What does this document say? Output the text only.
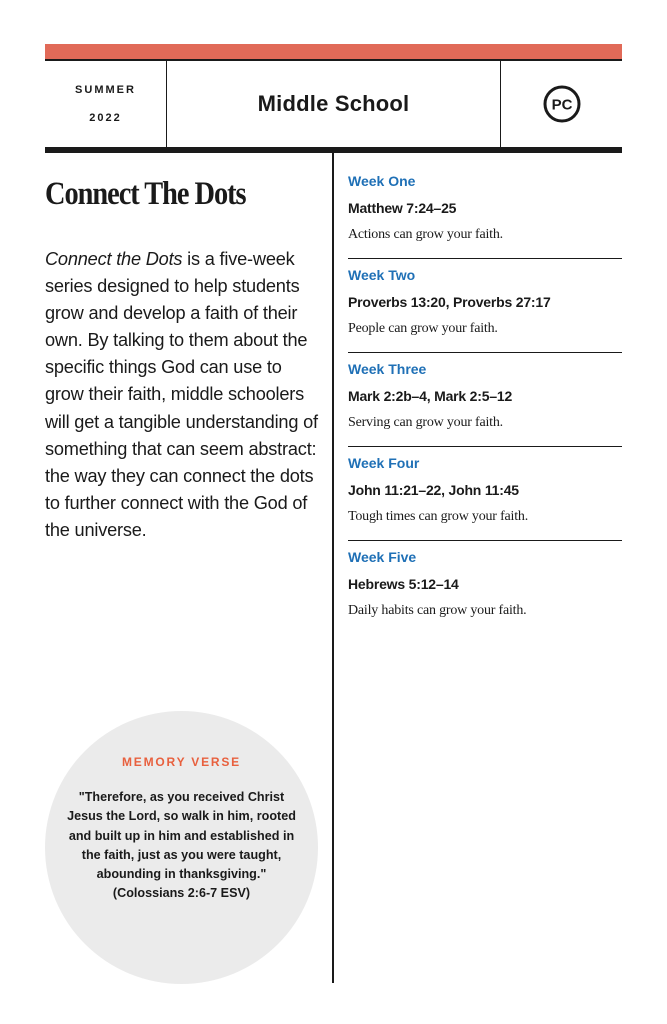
SUMMER
2022
Middle School	PC
Connect The Dots
Connect the Dots is a five-week series designed to help students grow and develop a faith of their own. By talking to them about the specific things God can use to grow their faith, middle schoolers will get a tangible understanding of something that can seem abstract: the way they can connect the dots to further connect with the God of the universe.
Week One
Matthew 7:24–25
Actions can grow your faith.
Week Two
Proverbs 13:20, Proverbs 27:17
People can grow your faith.
Week Three
Mark 2:2b–4, Mark 2:5–12
Serving can grow your faith.
Week Four
John 11:21–22, John 11:45
Tough times can grow your faith.
Week Five
Hebrews 5:12–14
Daily habits can grow your faith.
MEMORY VERSE
"Therefore, as you received Christ Jesus the Lord, so walk in him, rooted and built up in him and established in the faith, just as you were taught, abounding in thanksgiving." (Colossians 2:6-7 ESV)
